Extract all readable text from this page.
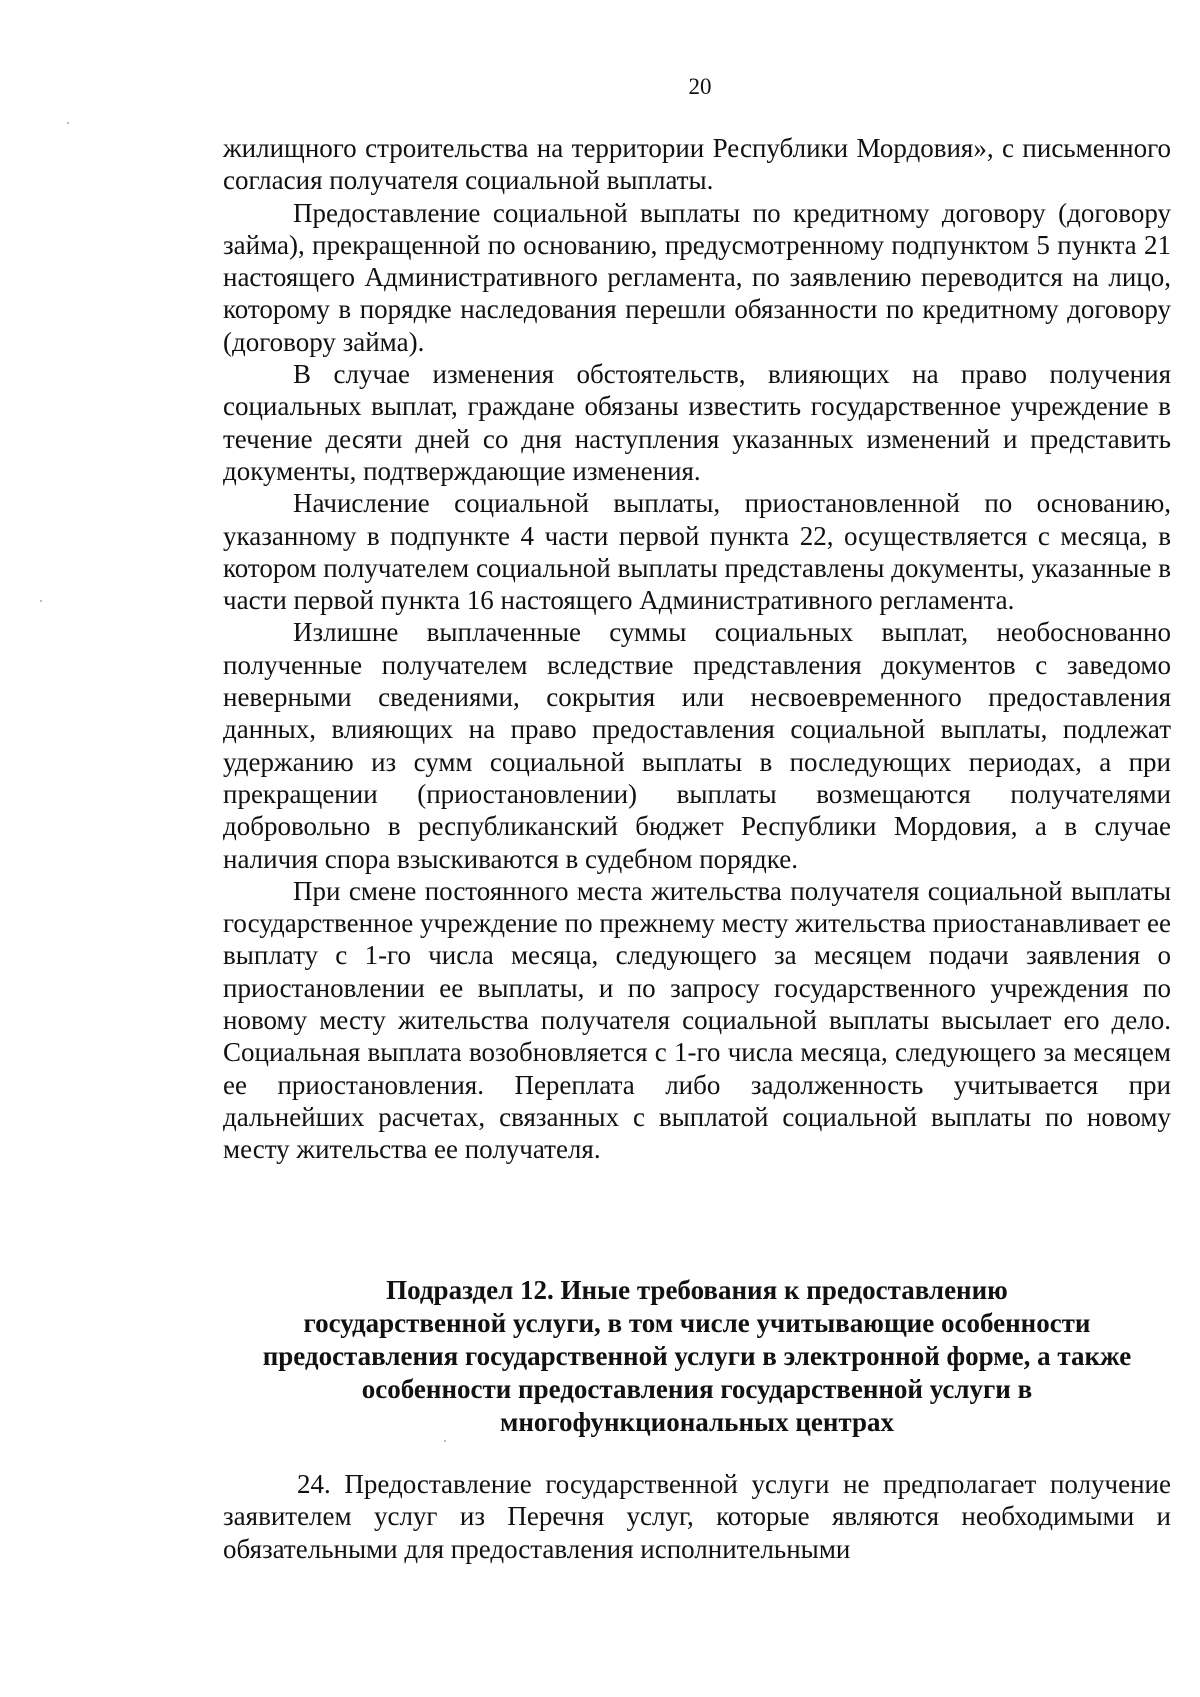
20

жилищного строительства на территории Республики Мордовия», с письменного согласия получателя социальной выплаты.

Предоставление социальной выплаты по кредитному договору (договору займа), прекращенной по основанию, предусмотренному подпунктом 5 пункта 21 настоящего Административного регламента, по заявлению переводится на лицо, которому в порядке наследования перешли обязанности по кредитному договору (договору займа).

В случае изменения обстоятельств, влияющих на право получения социальных выплат, граждане обязаны известить государственное учреждение в течение десяти дней со дня наступления указанных изменений и представить документы, подтверждающие изменения.

Начисление социальной выплаты, приостановленной по основанию, указанному в подпункте 4 части первой пункта 22, осуществляется с месяца, в котором получателем социальной выплаты представлены документы, указанные в части первой пункта 16 настоящего Административного регламента.

Излишне выплаченные суммы социальных выплат, необоснованно полученные получателем вследствие представления документов с заведомо неверными сведениями, сокрытия или несвоевременного предоставления данных, влияющих на право предоставления социальной выплаты, подлежат удержанию из сумм социальной выплаты в последующих периодах, а при прекращении (приостановлении) выплаты возмещаются получателями добровольно в республиканский бюджет Республики Мордовия, а в случае наличия спора взыскиваются в судебном порядке.

При смене постоянного места жительства получателя социальной выплаты государственное учреждение по прежнему месту жительства приостанавливает ее выплату с 1-го числа месяца, следующего за месяцем подачи заявления о приостановлении ее выплаты, и по запросу государственного учреждения по новому месту жительства получателя социальной выплаты высылает его дело. Социальная выплата возобновляется с 1-го числа месяца, следующего за месяцем ее приостановления. Переплата либо задолженность учитывается при дальнейших расчетах, связанных с выплатой социальной выплаты по новому месту жительства ее получателя.

Подраздел 12. Иные требования к предоставлению
государственной услуги, в том числе учитывающие особенности
предоставления государственной услуги в электронной форме, а также
особенности предоставления государственной услуги в
многофункциональных центрах

24. Предоставление государственной услуги не предполагает получение заявителем услуг из Перечня услуг, которые являются необходимыми и обязательными для предоставления исполнительными
